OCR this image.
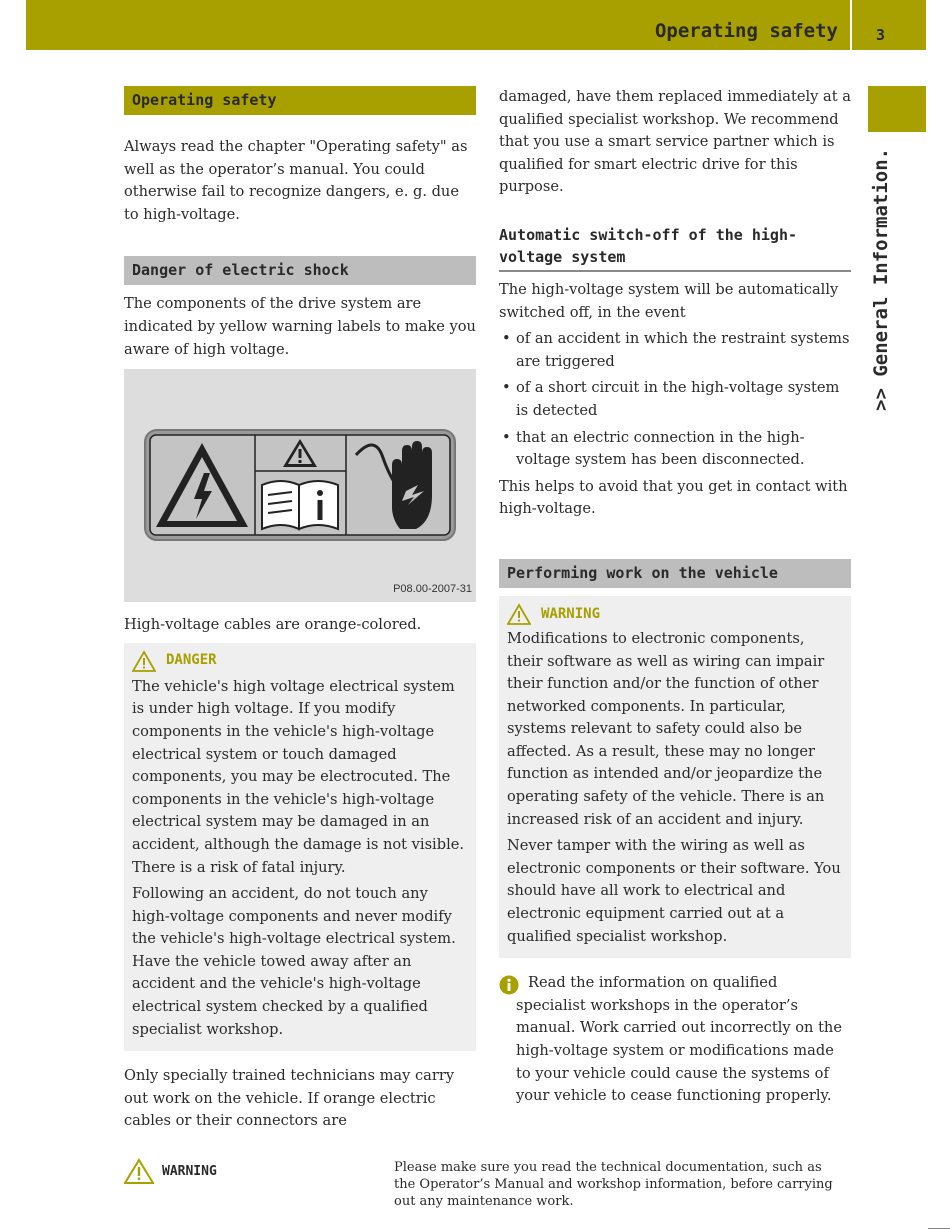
Operating safety	3
>> General Information.
Operating safety

Always read the chapter "Operating safety" as well as the operator’s manual. You could otherwise fail to recognize dangers, e. g. due to high-voltage.

Danger of electric shock

The components of the drive system are indicated by yellow warning labels to make you aware of high voltage.

P08.00-2007-31

High-voltage cables are orange-colored.

DANGER

The vehicle's high voltage electrical system is under high voltage. If you modify components in the vehicle's high-voltage electrical system or touch damaged components, you may be electrocuted. The components in the vehicle's high-voltage electrical system may be damaged in an accident, although the damage is not visible. There is a risk of fatal injury.

Following an accident, do not touch any high-voltage components and never modify the vehicle's high-voltage electrical system. Have the vehicle towed away after an accident and the vehicle's high-voltage electrical system checked by a qualified specialist workshop.

Only specially trained technicians may carry out work on the vehicle. If orange electric cables or their connectors are

damaged, have them replaced immediately at a qualified specialist workshop. We recommend that you use a smart service partner which is qualified for smart electric drive for this purpose.

Automatic switch-off of the high-voltage system

The high-voltage system will be automatically switched off, in the event

• of an accident in which the restraint systems are triggered
• of a short circuit in the high-voltage system is detected
• that an electric connection in the high-voltage system has been disconnected.

This helps to avoid that you get in contact with high-voltage.

Performing work on the vehicle
WARNING

Modifications to electronic components, their software as well as wiring can impair their function and/or the function of other networked components. In particular, systems relevant to safety could also be affected. As a result, these may no longer function as intended and/or jeopardize the operating safety of the vehicle. There is an increased risk of an accident and injury.

Never tamper with the wiring as well as electronic components or their software. You should have all work to electrical and electronic equipment carried out at a qualified specialist workshop.

Read the information on qualified specialist workshops in the operator’s manual. Work carried out incorrectly on the high-voltage system or modifications made to your vehicle could cause the systems of your vehicle to cease functioning properly.
WARNING	Please make sure you read the technical documentation, such as the Operator’s Manual and workshop information, before carrying out any maintenance work.
